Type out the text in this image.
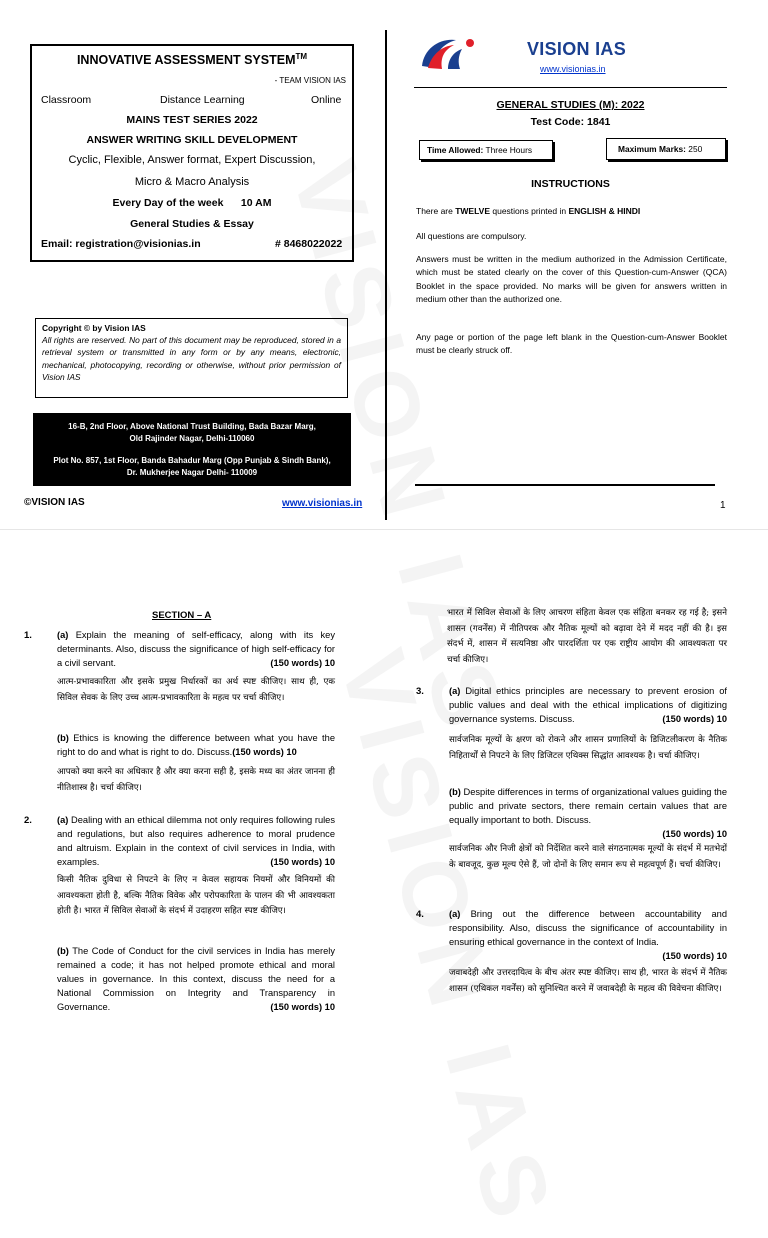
INNOVATIVE ASSESSMENT SYSTEM™
- TEAM VISION IAS
Classroom	Distance Learning	Online
MAINS TEST SERIES 2022
ANSWER WRITING SKILL DEVELOPMENT
Cyclic, Flexible, Answer format, Expert Discussion,
Micro & Macro Analysis
Every Day of the week      10 AM
General Studies & Essay
Email: registration@visionias.in	# 8468022022
Copyright © by Vision IAS
All rights are reserved. No part of this document may be reproduced, stored in a retrieval system or transmitted in any form or by any means, electronic, mechanical, photocopying, recording or otherwise, without prior permission of Vision IAS
16-B, 2nd Floor, Above National Trust Building, Bada Bazar Marg,
Old Rajinder Nagar, Delhi-110060
Plot No. 857, 1st Floor, Banda Bahadur Marg (Opp Punjab & Sindh Bank),
Dr. Mukherjee Nagar Delhi- 110009
©VISION IAS	www.visionias.in
VISION IAS
www.visionias.in
GENERAL STUDIES (M): 2022
Test Code: 1841
Time Allowed: Three Hours	Maximum Marks: 250
INSTRUCTIONS
There are TWELVE questions printed in ENGLISH & HINDI
All questions are compulsory.
Answers must be written in the medium authorized in the Admission Certificate, which must be stated clearly on the cover of this Question-cum-Answer (QCA) Booklet in the space provided. No marks will be given for answers written in medium other than the authorized one.
Any page or portion of the page left blank in the Question-cum-Answer Booklet must be clearly struck off.
1
SECTION – A
1.	(a) Explain the meaning of self-efficacy, along with its key determinants. Also, discuss the significance of high self-efficacy for a civil servant.	(150 words) 10
आत्म-प्रभावकारिता और इसके प्रमुख निर्धारकों का अर्थ स्पष्ट कीजिए। साथ ही, एक सिविल सेवक के लिए उच्च आत्म-प्रभावकारिता के महत्व पर चर्चा कीजिए।
(b) Ethics is knowing the difference between what you have the right to do and what is right to do. Discuss.(150 words) 10
आपको क्या करने का अधिकार है और क्या करना सही है, इसके मध्य का अंतर जानना ही नीतिशास्त्र है। चर्चा कीजिए।
2.	(a) Dealing with an ethical dilemma not only requires following rules and regulations, but also requires adherence to moral prudence and altruism. Explain in the context of civil services in India, with examples.	(150 words) 10
किसी नैतिक दुविधा से निपटने के लिए न केवल सहायक नियमों और विनियमों की आवश्यकता होती है, बल्कि नैतिक विवेक और परोपकारिता के पालन की भी आवश्यकता होती है। भारत में सिविल सेवाओं के संदर्भ में उदाहरण सहित स्पष्ट कीजिए।
(b) The Code of Conduct for the civil services in India has merely remained a code; it has not helped promote ethical and moral values in governance. In this context, discuss the need for a National Commission on Integrity and Transparency in Governance.	(150 words) 10
भारत में सिविल सेवाओं के लिए आचरण संहिता केवल एक संहिता बनकर रह गई है; इसने शासन (गवर्नेंस) में नीतिपरक और नैतिक मूल्यों को बढ़ावा देने में मदद नहीं की है। इस संदर्भ में, शासन में सत्यनिष्ठा और पारदर्शिता पर एक राष्ट्रीय आयोग की आवश्यकता पर चर्चा कीजिए।
3.	(a) Digital ethics principles are necessary to prevent erosion of public values and deal with the ethical implications of digitizing governance systems. Discuss.	(150 words) 10
सार्वजनिक मूल्यों के क्षरण को रोकने और शासन प्रणालियों के डिजिटलीकरण के नैतिक निहितार्थों से निपटने के लिए डिजिटल एथिक्स सिद्धांत आवश्यक है। चर्चा कीजिए।
(b) Despite differences in terms of organizational values guiding the public and private sectors, there remain certain values that are equally important to both. Discuss.

(150 words) 10
सार्वजनिक और निजी क्षेत्रों को निर्देशित करने वाले संगठनात्मक मूल्यों के संदर्भ में मतभेदों के बावजूद, कुछ मूल्य ऐसे हैं, जो दोनों के लिए समान रूप से महत्वपूर्ण हैं। चर्चा कीजिए।
4.	(a) Bring out the difference between accountability and responsibility. Also, discuss the significance of accountability in ensuring ethical governance in the context of India.

(150 words) 10
जवाबदेही और उत्तरदायित्व के बीच अंतर स्पष्ट कीजिए। साथ ही, भारत के संदर्भ में नैतिक शासन (एथिकल गवर्नेंस) को सुनिश्चित करने में जवाबदेही के महत्व की विवेचना कीजिए।
